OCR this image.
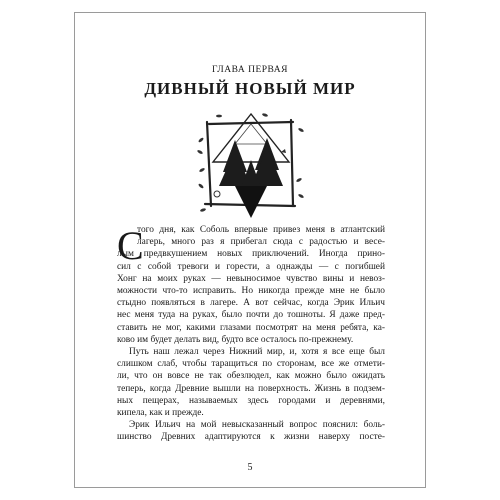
ГЛАВА ПЕРВАЯ
ДИВНЫЙ НОВЫЙ МИР
С
того дня, как Соболь впервые привез меня в атлантский
лагерь, много раз я прибегал сюда с радостью и весе-
лым предвкушением новых приключений. Иногда прино-
сил с собой тревоги и горести, а однажды — с погибшей
Хонг на моих руках — невыносимое чувство вины и невоз-
можности что-то исправить. Но никогда прежде мне не было
стыдно появляться в лагере. А вот сейчас, когда Эрик Ильич
нес меня туда на руках, было почти до тошноты. Я даже пред-
ставить не мог, какими глазами посмотрят на меня ребята, ка-
ково им будет делать вид, будто все осталось по-прежнему.
Путь наш лежал через Нижний мир, и, хотя я все еще был
слишком слаб, чтобы таращиться по сторонам, все же отмети-
ли, что он вовсе не так обезлюдел, как можно было ожидать
теперь, когда Древние вышли на поверхность. Жизнь в подзем-
ных пещерах, называемых здесь городами и деревнями,
кипела, как и прежде.
Эрик Ильич на мой невысказанный вопрос пояснил: боль-
шинство Древних адаптируются к жизни наверху посте-
5
